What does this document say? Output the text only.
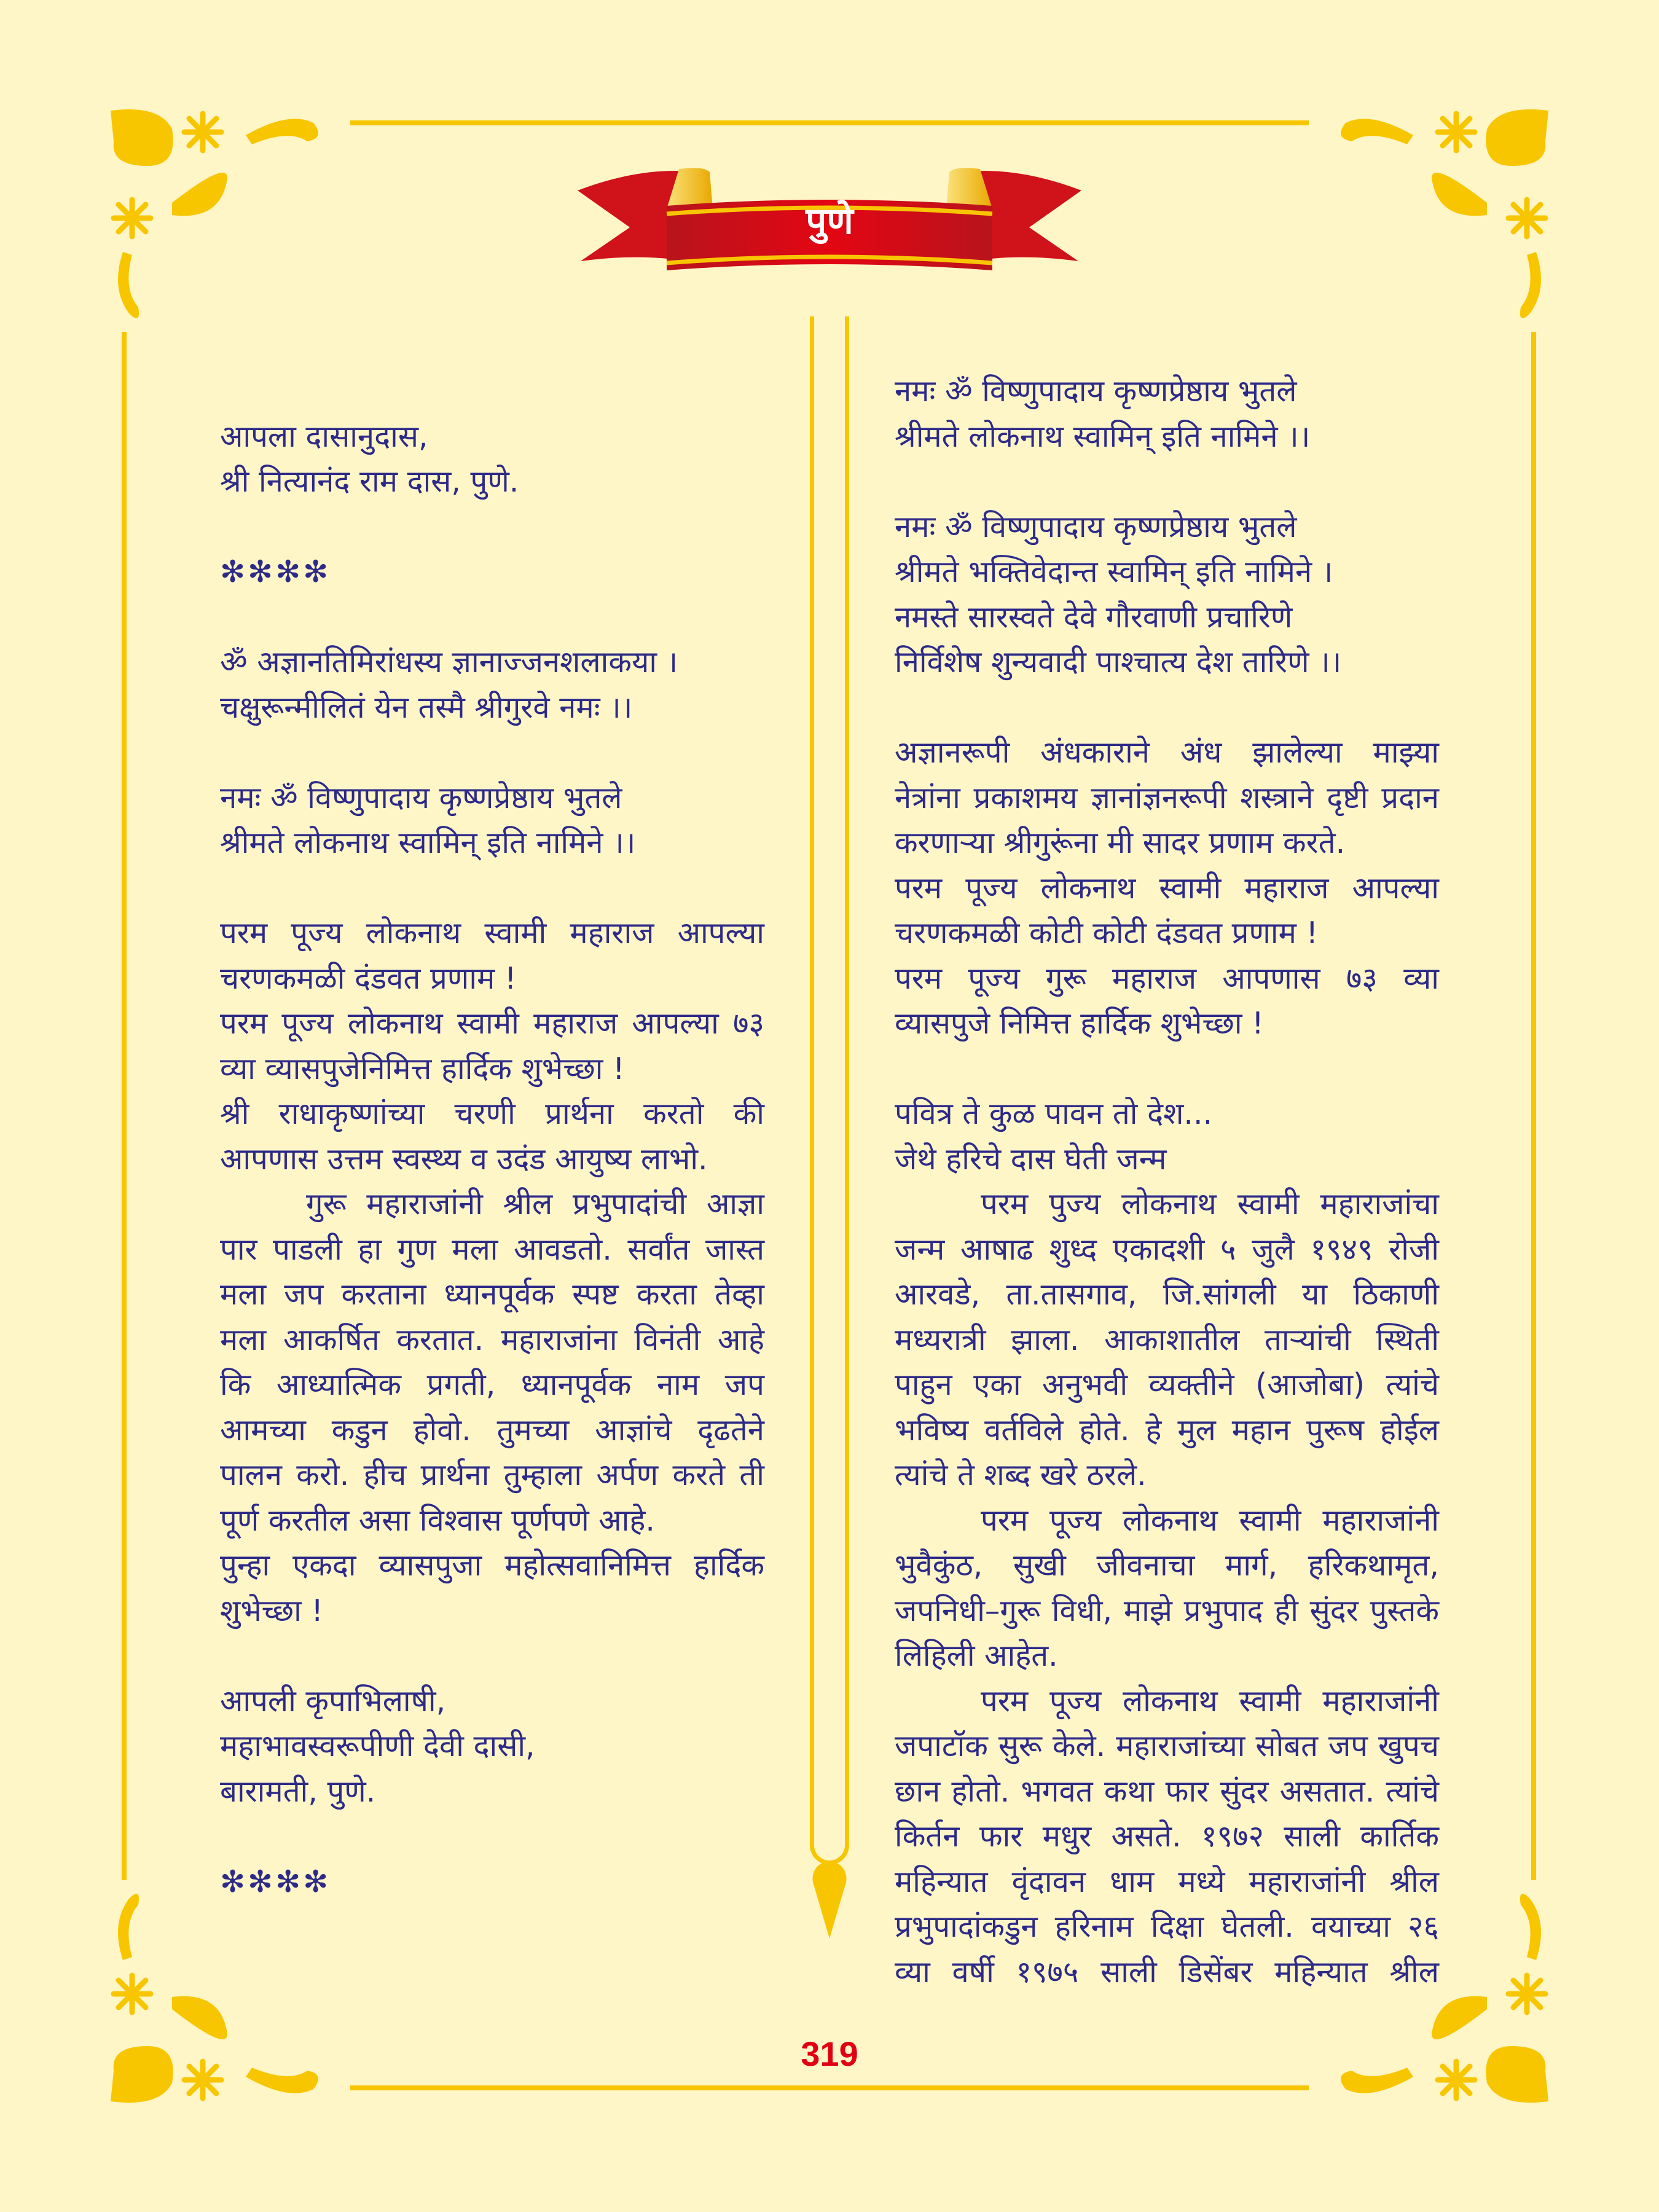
पुणे
आपला दासानुदास,
श्री नित्यानंद राम दास, पुणे.
✻✻✻✻
ॐ अज्ञानतिमिरांधस्य ज्ञानाज्जनशलाकया ।
चक्षुरून्मीलितं येन तस्मै श्रीगुरवे नमः ।।
नमः ॐ विष्णुपादाय कृष्णप्रेष्ठाय भुतले
श्रीमते लोकनाथ स्वामिन् इति नामिने ।।
परम पूज्य लोकनाथ स्वामी महाराज आपल्या
चरणकमळी दंडवत प्रणाम !
परम पूज्य लोकनाथ स्वामी महाराज आपल्या ७३
व्या व्यासपुजेनिमित्त हार्दिक शुभेच्छा !
श्री राधाकृष्णांच्या चरणी प्रार्थना करतो की
आपणास उत्तम स्वस्थ्य व उदंड आयुष्य लाभो.
गुरू महाराजांनी श्रील प्रभुपादांची आज्ञा
पार पाडली हा गुण मला आवडतो. सर्वांत जास्त
मला जप करताना ध्यानपूर्वक स्पष्ट करता तेव्हा
मला आकर्षित करतात. महाराजांना विनंती आहे
कि आध्यात्मिक प्रगती, ध्यानपूर्वक नाम जप
आमच्या कडुन होवो. तुमच्या आज्ञांचे दृढतेने
पालन करो. हीच प्रार्थना तुम्हाला अर्पण करते ती
पूर्ण करतील असा विश्वास पूर्णपणे आहे.
पुन्हा एकदा व्यासपुजा महोत्सवानिमित्त हार्दिक
शुभेच्छा !
आपली कृपाभिलाषी,
महाभावस्वरूपीणी देवी दासी,
बारामती, पुणे.
✻✻✻✻
नमः ॐ विष्णुपादाय कृष्णप्रेष्ठाय भुतले
श्रीमते लोकनाथ स्वामिन् इति नामिने ।।
नमः ॐ विष्णुपादाय कृष्णप्रेष्ठाय भुतले
श्रीमते भक्तिवेदान्त स्वामिन् इति नामिने ।
नमस्ते सारस्वते देवे गौरवाणी प्रचारिणे
निर्विशेष शुन्यवादी पाश्चात्य देश तारिणे ।।
अज्ञानरूपी अंधकाराने अंध झालेल्या माझ्या
नेत्रांना प्रकाशमय ज्ञानांज्ञनरूपी शस्त्राने दृष्टी प्रदान
करणाऱ्या श्रीगुरूंना मी सादर प्रणाम करते.
परम पूज्य लोकनाथ स्वामी महाराज आपल्या
चरणकमळी कोटी कोटी दंडवत प्रणाम !
परम पूज्य गुरू महाराज आपणास ७३ व्या
व्यासपुजे निमित्त हार्दिक शुभेच्छा !
पवित्र ते कुळ पावन तो देश...
जेथे हरिचे दास घेती जन्म
परम पुज्य लोकनाथ स्वामी महाराजांचा
जन्म आषाढ शुध्द एकादशी ५ जुलै १९४९ रोजी
आरवडे, ता.तासगाव, जि.सांगली या ठिकाणी
मध्यरात्री झाला. आकाशातील ताऱ्यांची स्थिती
पाहुन एका अनुभवी व्यक्तीने (आजोबा) त्यांचे
भविष्य वर्तविले होते. हे मुल महान पुरूष होईल
त्यांचे ते शब्द खरे ठरले.
परम पूज्य लोकनाथ स्वामी महाराजांनी
भुवैकुंठ, सुखी जीवनाचा मार्ग, हरिकथामृत,
जपनिधी–गुरू विधी, माझे प्रभुपाद ही सुंदर पुस्तके
लिहिली आहेत.
परम पूज्य लोकनाथ स्वामी महाराजांनी
जपाटॉक सुरू केले. महाराजांच्या सोबत जप खुपच
छान होतो. भगवत कथा फार सुंदर असतात. त्यांचे
किर्तन फार मधुर असते. १९७२ साली कार्तिक
महिन्यात वृंदावन धाम मध्ये महाराजांनी श्रील
प्रभुपादांकडुन हरिनाम दिक्षा घेतली. वयाच्या २६
व्या वर्षी १९७५ साली डिसेंबर महिन्यात श्रील
319
